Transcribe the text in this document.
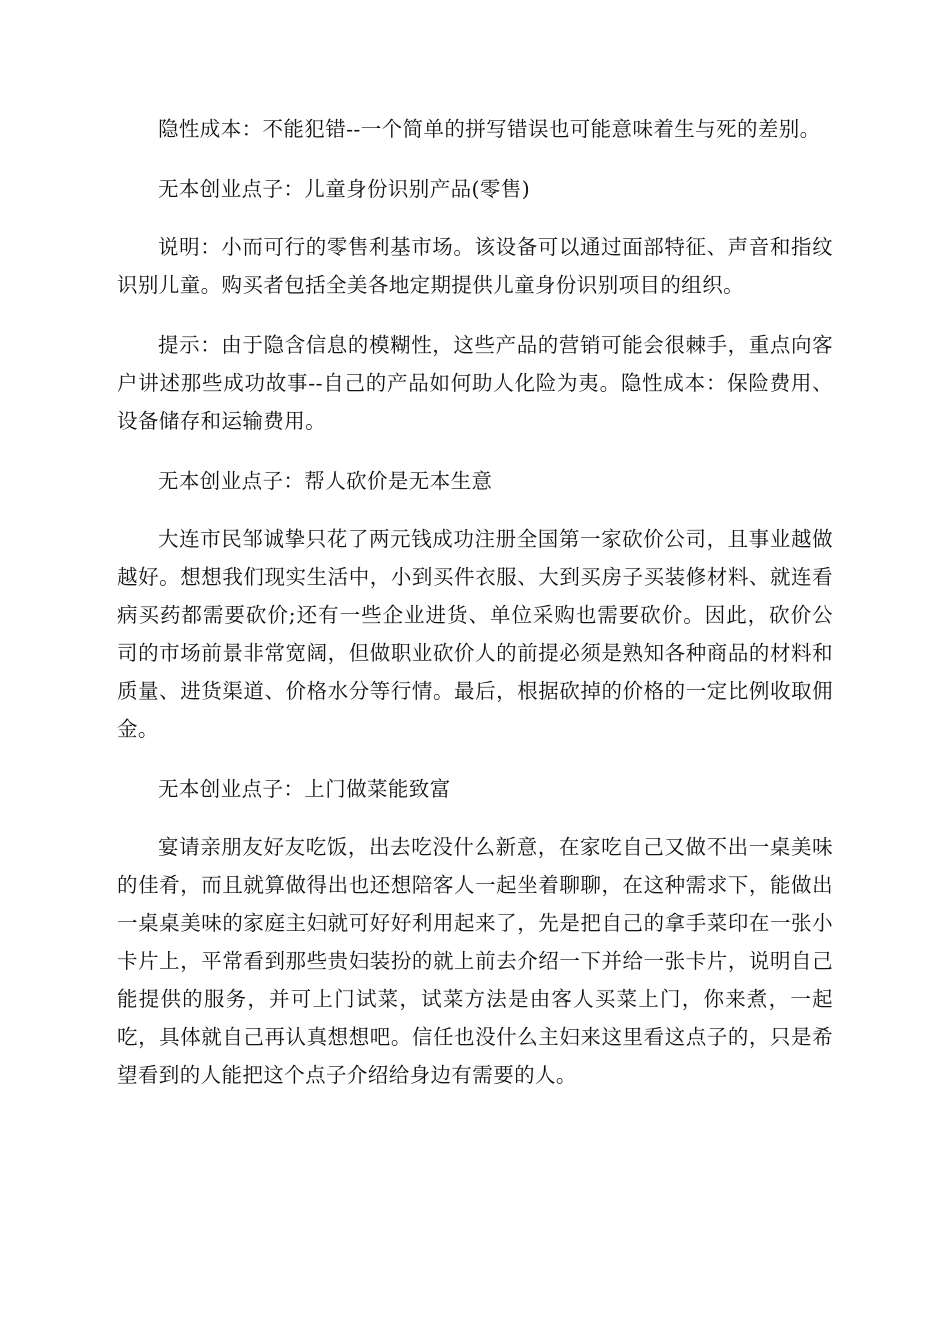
隐性成本：不能犯错--一个简单的拼写错误也可能意味着生与死的差别。

无本创业点子：儿童身份识别产品(零售)

说明：小而可行的零售利基市场。该设备可以通过面部特征、声音和指纹识别儿童。购买者包括全美各地定期提供儿童身份识别项目的组织。

提示：由于隐含信息的模糊性，这些产品的营销可能会很棘手，重点向客户讲述那些成功故事--自己的产品如何助人化险为夷。隐性成本：保险费用、设备储存和运输费用。

无本创业点子：帮人砍价是无本生意

大连市民邹诚挚只花了两元钱成功注册全国第一家砍价公司，且事业越做越好。想想我们现实生活中，小到买件衣服、大到买房子买装修材料、就连看病买药都需要砍价;还有一些企业进货、单位采购也需要砍价。因此，砍价公司的市场前景非常宽阔，但做职业砍价人的前提必须是熟知各种商品的材料和质量、进货渠道、价格水分等行情。最后，根据砍掉的价格的一定比例收取佣金。

无本创业点子：上门做菜能致富

宴请亲朋友好友吃饭，出去吃没什么新意，在家吃自己又做不出一桌美味的佳肴，而且就算做得出也还想陪客人一起坐着聊聊，在这种需求下，能做出一桌桌美味的家庭主妇就可好好利用起来了，先是把自己的拿手菜印在一张小卡片上，平常看到那些贵妇装扮的就上前去介绍一下并给一张卡片，说明自己能提供的服务，并可上门试菜，试菜方法是由客人买菜上门，你来煮，一起吃，具体就自己再认真想想吧。信任也没什么主妇来这里看这点子的，只是希望看到的人能把这个点子介绍给身边有需要的人。
